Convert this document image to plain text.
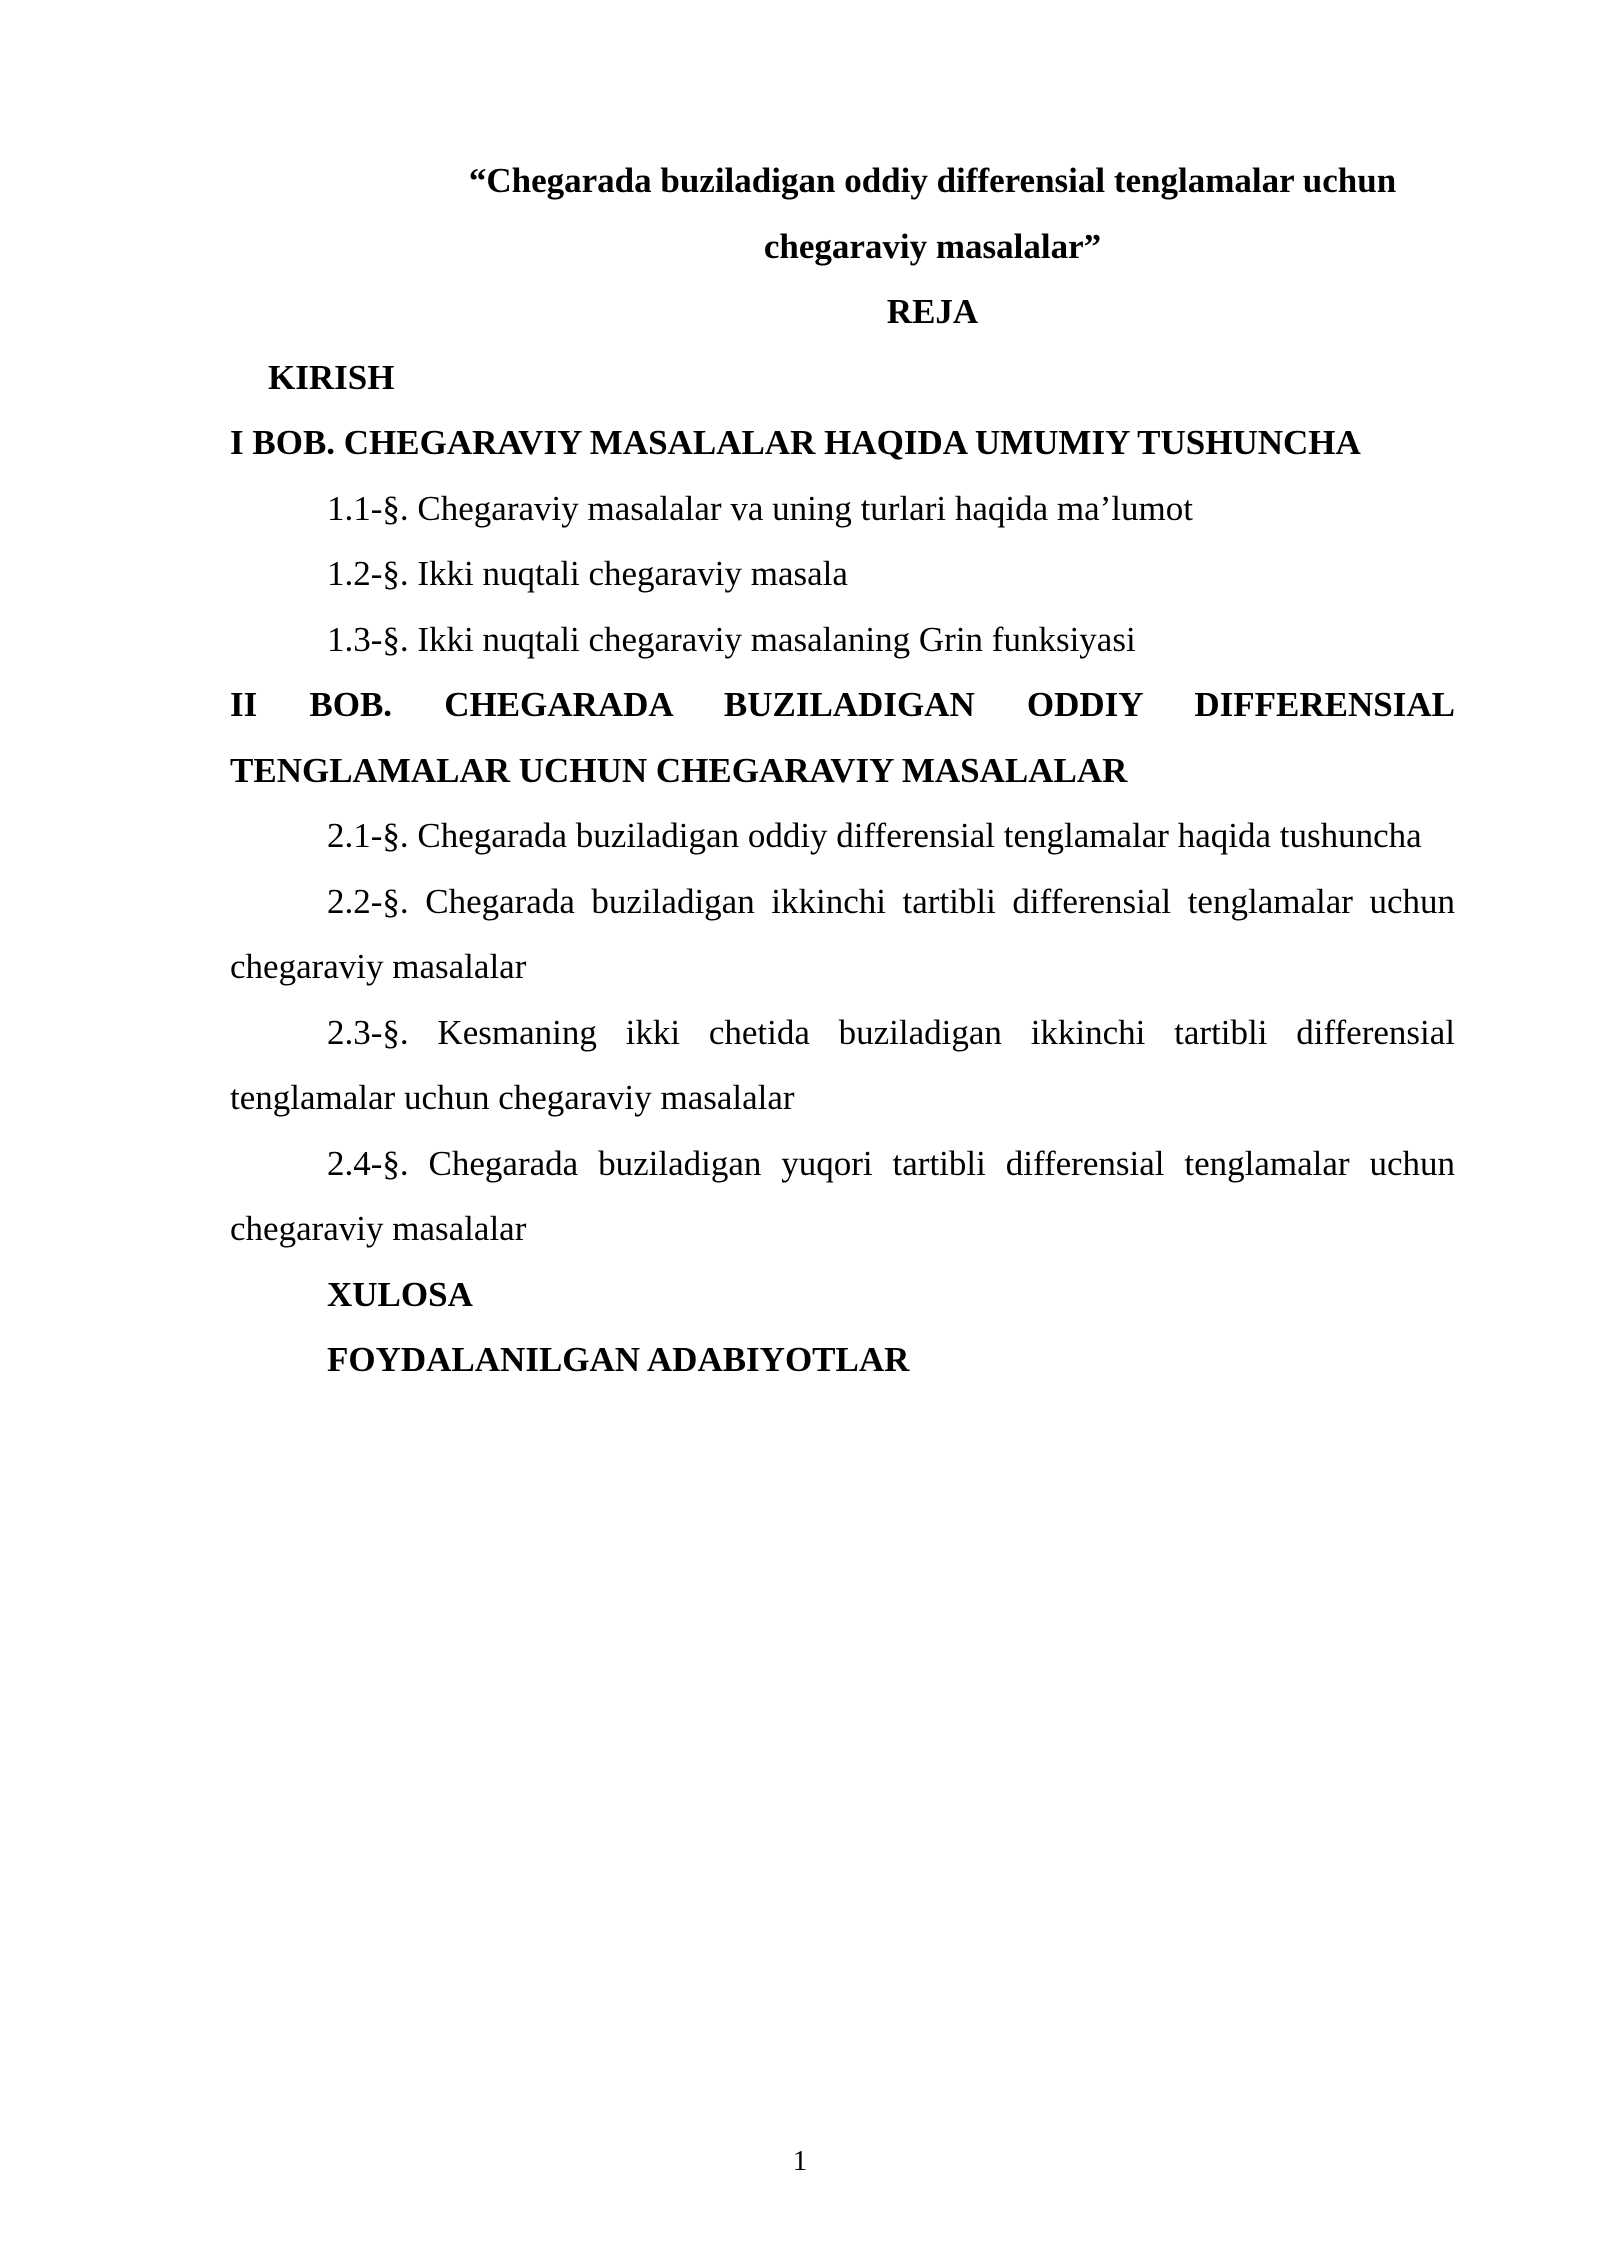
“Chegarada buziladigan oddiy differensial tenglamalar uchun
chegaraviy masalalar”
REJA
KIRISH
I BOB. CHEGARAVIY MASALALAR HAQIDA UMUMIY TUSHUNCHA
1.1-§. Chegaraviy masalalar va uning turlari haqida ma’lumot
1.2-§. Ikki nuqtali chegaraviy masala
1.3-§. Ikki nuqtali chegaraviy masalaning Grin funksiyasi
II BOB. CHEGARADA BUZILADIGAN ODDIY DIFFERENSIAL TENGLAMALAR UCHUN CHEGARAVIY MASALALAR
2.1-§. Chegarada buziladigan oddiy differensial tenglamalar haqida tushuncha
2.2-§. Chegarada buziladigan ikkinchi tartibli differensial tenglamalar uchun chegaraviy masalalar
2.3-§. Kesmaning ikki chetida buziladigan ikkinchi tartibli differensial tenglamalar uchun chegaraviy masalalar
2.4-§. Chegarada buziladigan yuqori tartibli differensial tenglamalar uchun chegaraviy masalalar
XULOSA
FOYDALANILGAN ADABIYOTLAR
1
